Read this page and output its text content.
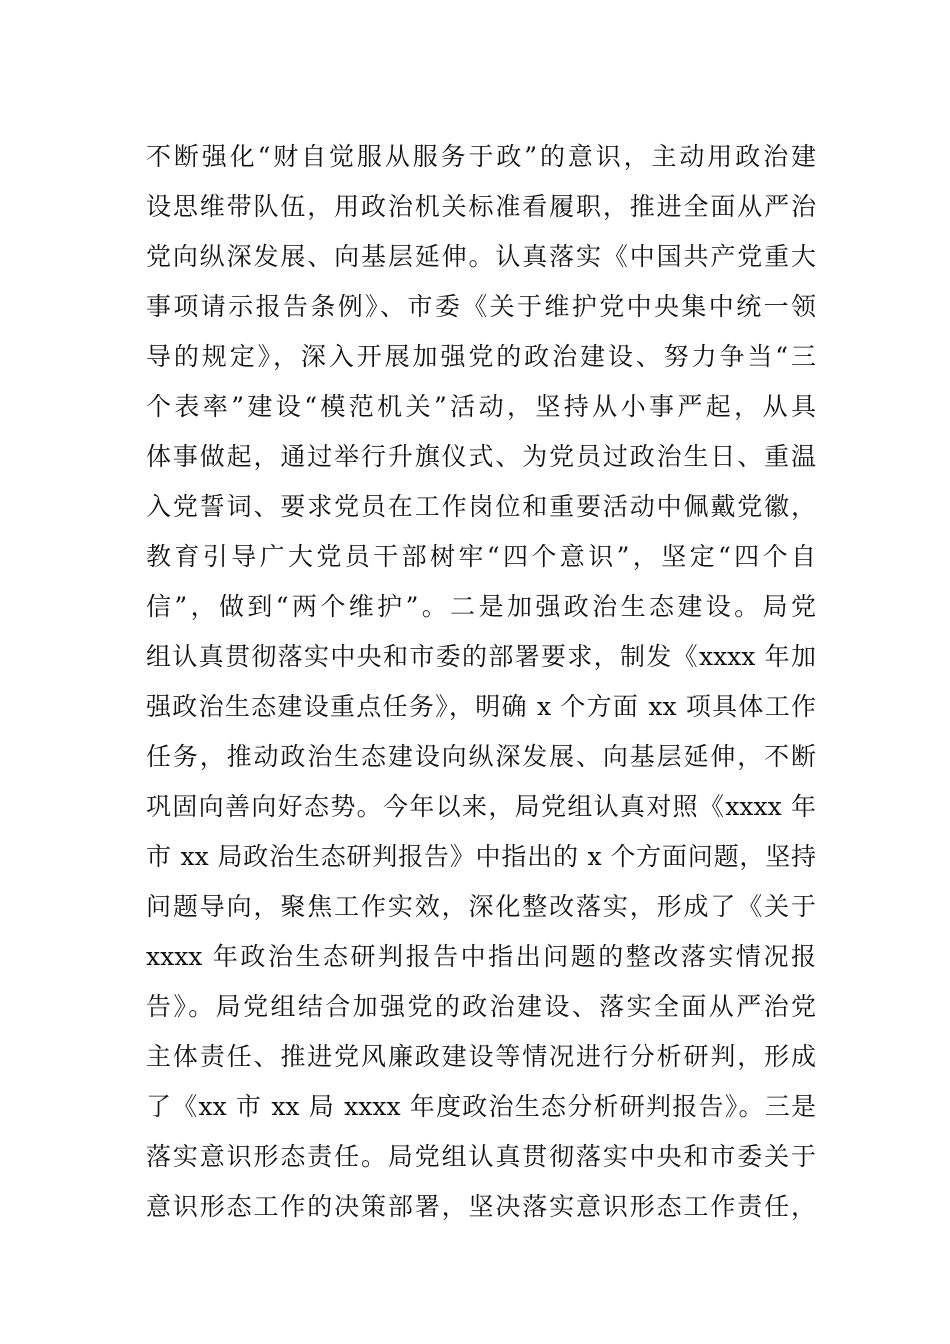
不断强化“财自觉服从服务于政”的意识，主动用政治建
设思维带队伍，用政治机关标准看履职，推进全面从严治
党向纵深发展、向基层延伸。认真落实《中国共产党重大
事项请示报告条例》、市委《关于维护党中央集中统一领
导的规定》，深入开展加强党的政治建设、努力争当“三
个表率”建设“模范机关”活动，坚持从小事严起，从具
体事做起，通过举行升旗仪式、为党员过政治生日、重温
入党誓词、要求党员在工作岗位和重要活动中佩戴党徽，
教育引导广大党员干部树牢“四个意识”，坚定“四个自
信”，做到“两个维护”。二是加强政治生态建设。局党
组认真贯彻落实中央和市委的部署要求，制发《xxxx 年加
强政治生态建设重点任务》，明确 x 个方面 xx 项具体工作
任务，推动政治生态建设向纵深发展、向基层延伸，不断
巩固向善向好态势。今年以来，局党组认真对照《xxxx 年
市 xx 局政治生态研判报告》中指出的 x 个方面问题，坚持
问题导向，聚焦工作实效，深化整改落实，形成了《关于
xxxx 年政治生态研判报告中指出问题的整改落实情况报
告》。局党组结合加强党的政治建设、落实全面从严治党
主体责任、推进党风廉政建设等情况进行分析研判，形成
了《xx 市 xx 局 xxxx 年度政治生态分析研判报告》。三是
落实意识形态责任。局党组认真贯彻落实中央和市委关于
意识形态工作的决策部署，坚决落实意识形态工作责任，
